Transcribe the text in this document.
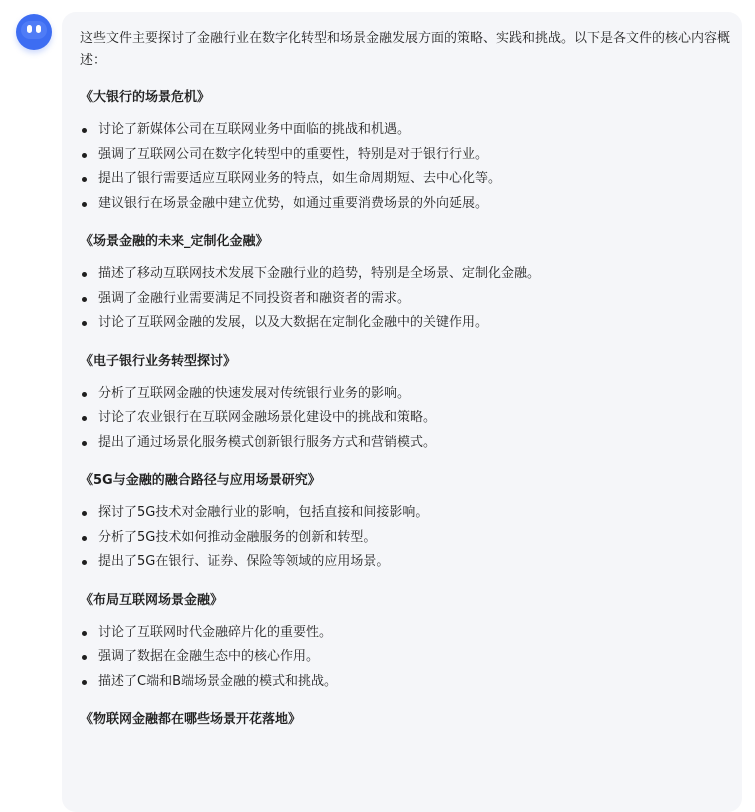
这些文件主要探讨了金融行业在数字化转型和场景金融发展方面的策略、实践和挑战。以下是各文件的核心内容概述：

《大银行的场景危机》
讨论了新媒体公司在互联网业务中面临的挑战和机遇。
强调了互联网公司在数字化转型中的重要性，特别是对于银行行业。
提出了银行需要适应互联网业务的特点，如生命周期短、去中心化等。
建议银行在场景金融中建立优势，如通过重要消费场景的外向延展。
《场景金融的未来_定制化金融》
描述了移动互联网技术发展下金融行业的趋势，特别是全场景、定制化金融。
强调了金融行业需要满足不同投资者和融资者的需求。
讨论了互联网金融的发展，以及大数据在定制化金融中的关键作用。
《电子银行业务转型探讨》
分析了互联网金融的快速发展对传统银行业务的影响。
讨论了农业银行在互联网金融场景化建设中的挑战和策略。
提出了通过场景化服务模式创新银行服务方式和营销模式。
《5G与金融的融合路径与应用场景研究》
探讨了5G技术对金融行业的影响，包括直接和间接影响。
分析了5G技术如何推动金融服务的创新和转型。
提出了5G在银行、证券、保险等领域的应用场景。
《布局互联网场景金融》
讨论了互联网时代金融碎片化的重要性。
强调了数据在金融生态中的核心作用。
描述了C端和B端场景金融的模式和挑战。
《物联网金融都在哪些场景开花落地》
